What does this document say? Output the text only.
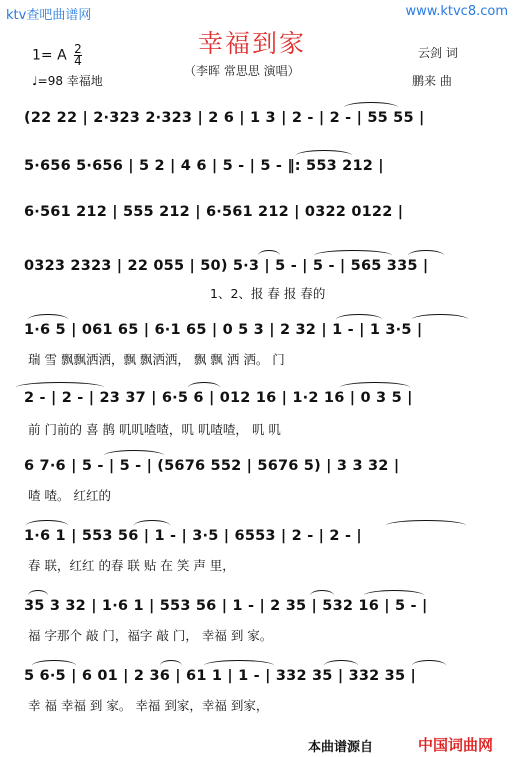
ktv查吧曲谱网	www.ktvc8.com
幸福到家
（李晖 常思思 演唱）
1= A $\frac{2}{4}$
♩=98 幸福地
云剑 词
鹏来 曲
(22 22 | 2·323 2·323 | 2 6 | 1 3 | 2 - | 2 - | 55 55 |
5·656 5·656 | 5 2 | 4 6 | 5 - | 5 - ‖: 553 212 |
6·561 212 | 555 212 | 6·561 212 | 0322 0122 |
0323 2323 | 22 055 | 50) 5·3 | 5 - | 5 - | 565 335 |
1、2、报 春 报 春的
1·6 5 | 061 65 | 6·1 65 | 0 5 3 | 2 32 | 1 - | 1 3·5 |
瑞 雪 飘飘洒洒，飘 飘洒洒， 飘 飘 洒 洒。 门
2 - | 2 - | 23 37 | 6·5 6 | 012 16 | 1·2 16 | 0 3 5 |
前 门前的 喜 鹊 叽叽喳喳，叽 叽喳喳， 叽 叽
6 7·6 | 5 - | 5 - | (5676 552 | 5676 5) | 3 3 32 |
喳 喳。 红红的
1·6 1 | 553 56 | 1 - | 3·5 | 6553 | 2 - | 2 - |
春 联，红红 的春 联 贴 在 笑 声 里，
35 3 32 | 1·6 1 | 553 56 | 1 - | 2 35 | 532 16 | 5 - |
福 字那个 敲 门，福字 敲 门， 幸福 到 家。
5 6·5 | 6 01 | 2 36 | 61 1 | 1 - | 332 35 | 332 35 |
幸 福 幸福 到 家。 幸福 到家，幸福 到家，
本曲谱源自	中国词曲网
